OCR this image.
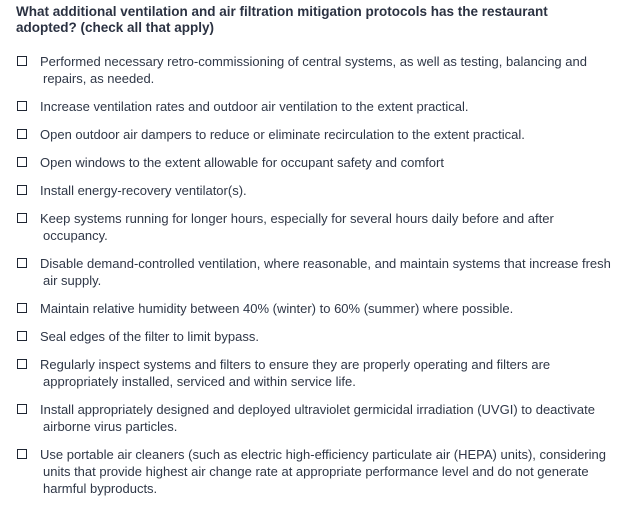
What additional ventilation and air filtration mitigation protocols has the restaurant adopted? (check all that apply)
Performed necessary retro-commissioning of central systems, as well as testing, balancing and repairs, as needed.
Increase ventilation rates and outdoor air ventilation to the extent practical.
Open outdoor air dampers to reduce or eliminate recirculation to the extent practical.
Open windows to the extent allowable for occupant safety and comfort
Install energy-recovery ventilator(s).
Keep systems running for longer hours, especially for several hours daily before and after occupancy.
Disable demand-controlled ventilation, where reasonable, and maintain systems that increase fresh air supply.
Maintain relative humidity between 40% (winter) to 60% (summer) where possible.
Seal edges of the filter to limit bypass.
Regularly inspect systems and filters to ensure they are properly operating and filters are appropriately installed, serviced and within service life.
Install appropriately designed and deployed ultraviolet germicidal irradiation (UVGI) to deactivate airborne virus particles.
Use portable air cleaners (such as electric high-efficiency particulate air (HEPA) units), considering units that provide highest air change rate at appropriate performance level and do not generate harmful byproducts.
